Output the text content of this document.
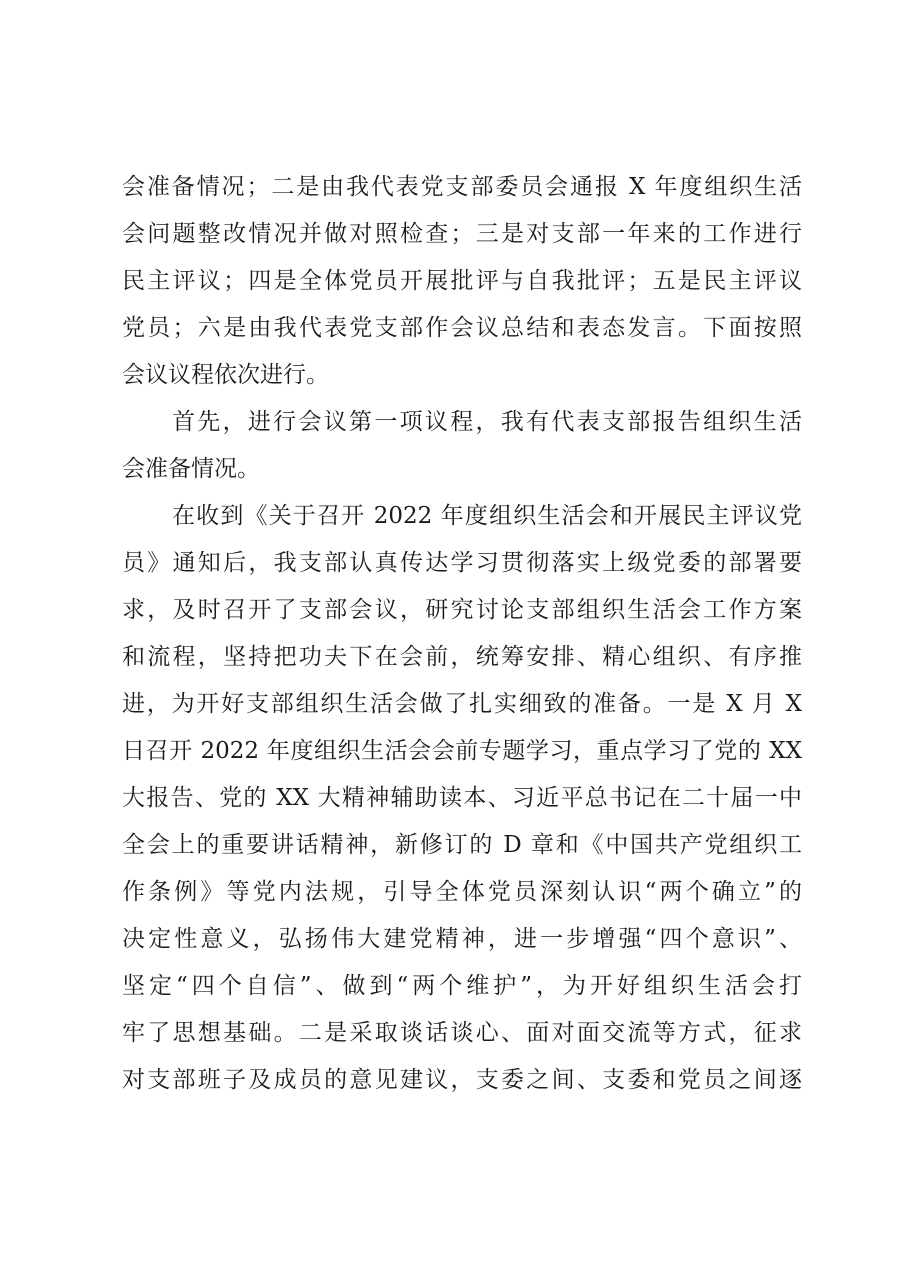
会准备情况；二是由我代表党支部委员会通报 X 年度组织生活
会问题整改情况并做对照检查；三是对支部一年来的工作进行
民主评议；四是全体党员开展批评与自我批评；五是民主评议
党员；六是由我代表党支部作会议总结和表态发言。下面按照
会议议程依次进行。
首先，进行会议第一项议程，我有代表支部报告组织生活
会准备情况。
在收到《关于召开 2022 年度组织生活会和开展民主评议党
员》通知后，我支部认真传达学习贯彻落实上级党委的部署要
求，及时召开了支部会议，研究讨论支部组织生活会工作方案
和流程，坚持把功夫下在会前，统筹安排、精心组织、有序推
进，为开好支部组织生活会做了扎实细致的准备。一是 X 月 X
日召开 2022 年度组织生活会会前专题学习，重点学习了党的 XX
大报告、党的 XX 大精神辅助读本、习近平总书记在二十届一中
全会上的重要讲话精神，新修订的 D 章和《中国共产党组织工
作条例》等党内法规，引导全体党员深刻认识“两个确立”的
决定性意义，弘扬伟大建党精神，进一步增强“四个意识”、
坚定“四个自信”、做到“两个维护”，为开好组织生活会打
牢了思想基础。二是采取谈话谈心、面对面交流等方式，征求
对支部班子及成员的意见建议，支委之间、支委和党员之间逐
